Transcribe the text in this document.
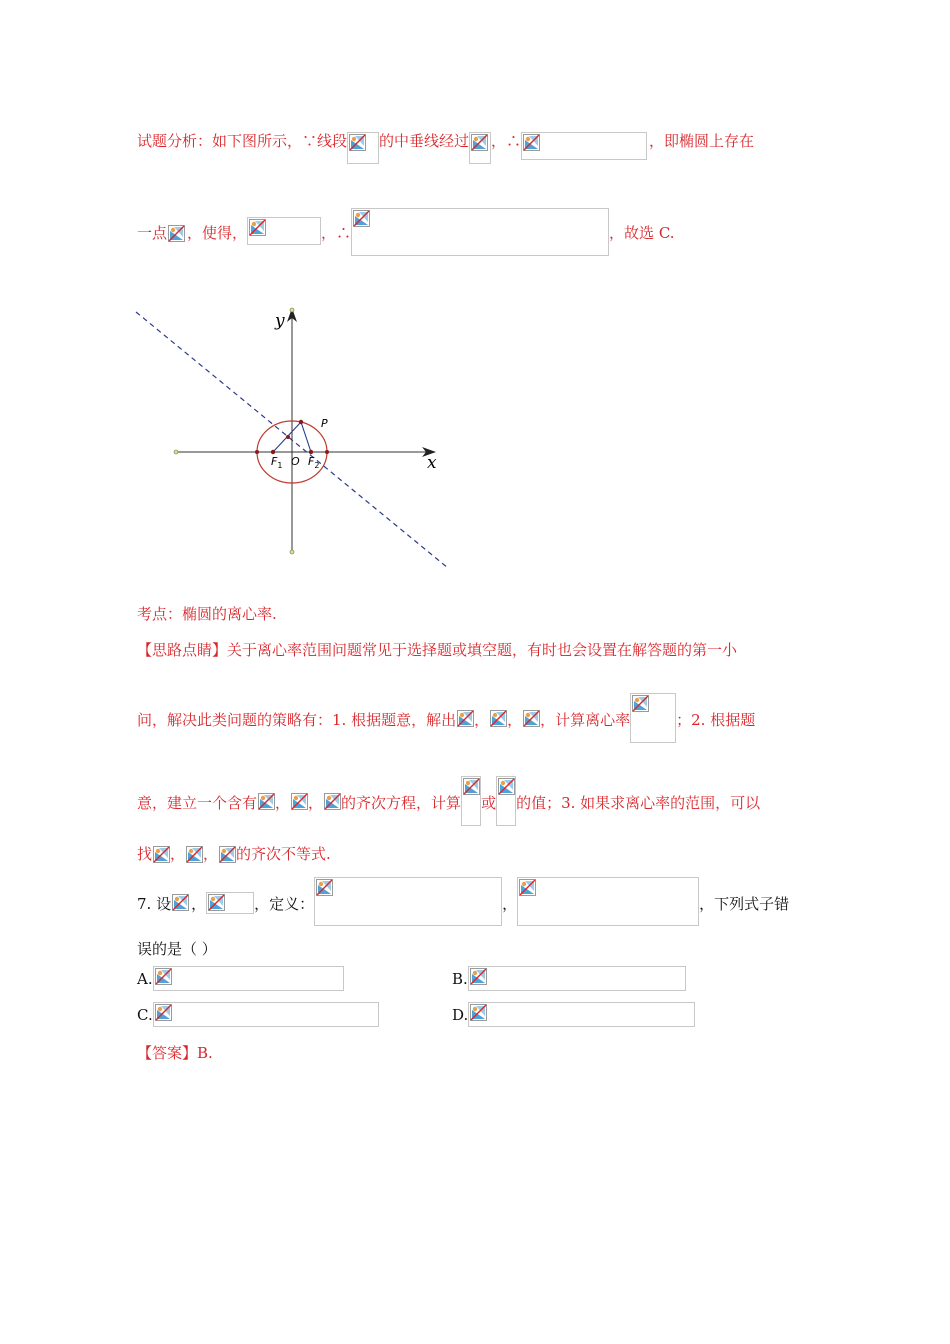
试题分析：如下图所示，∵线段 的中垂线经过 ，∴	，即椭圆上存在
一点 ，使得，	，∴	，故选 C.
y
x
O
P
$F_1$ $F_2$
考点：椭圆的离心率.
【思路点睛】关于离心率范围问题常见于选择题或填空题，有时也会设置在解答题的第一小
问，解决此类问题的策略有：1. 根据题意，解出 ， ， ，计算离心率	；2. 根据题
意，建立一个含有 ， ， 的齐次方程，计算 或 的值；3. 如果求离心率的范围，可以
找 ， ， 的齐次不等式.
7. 设 ，	，定义：	，	，下列式子错
误的是（ ）
A.	B.
C.	D.
【答案】B.
